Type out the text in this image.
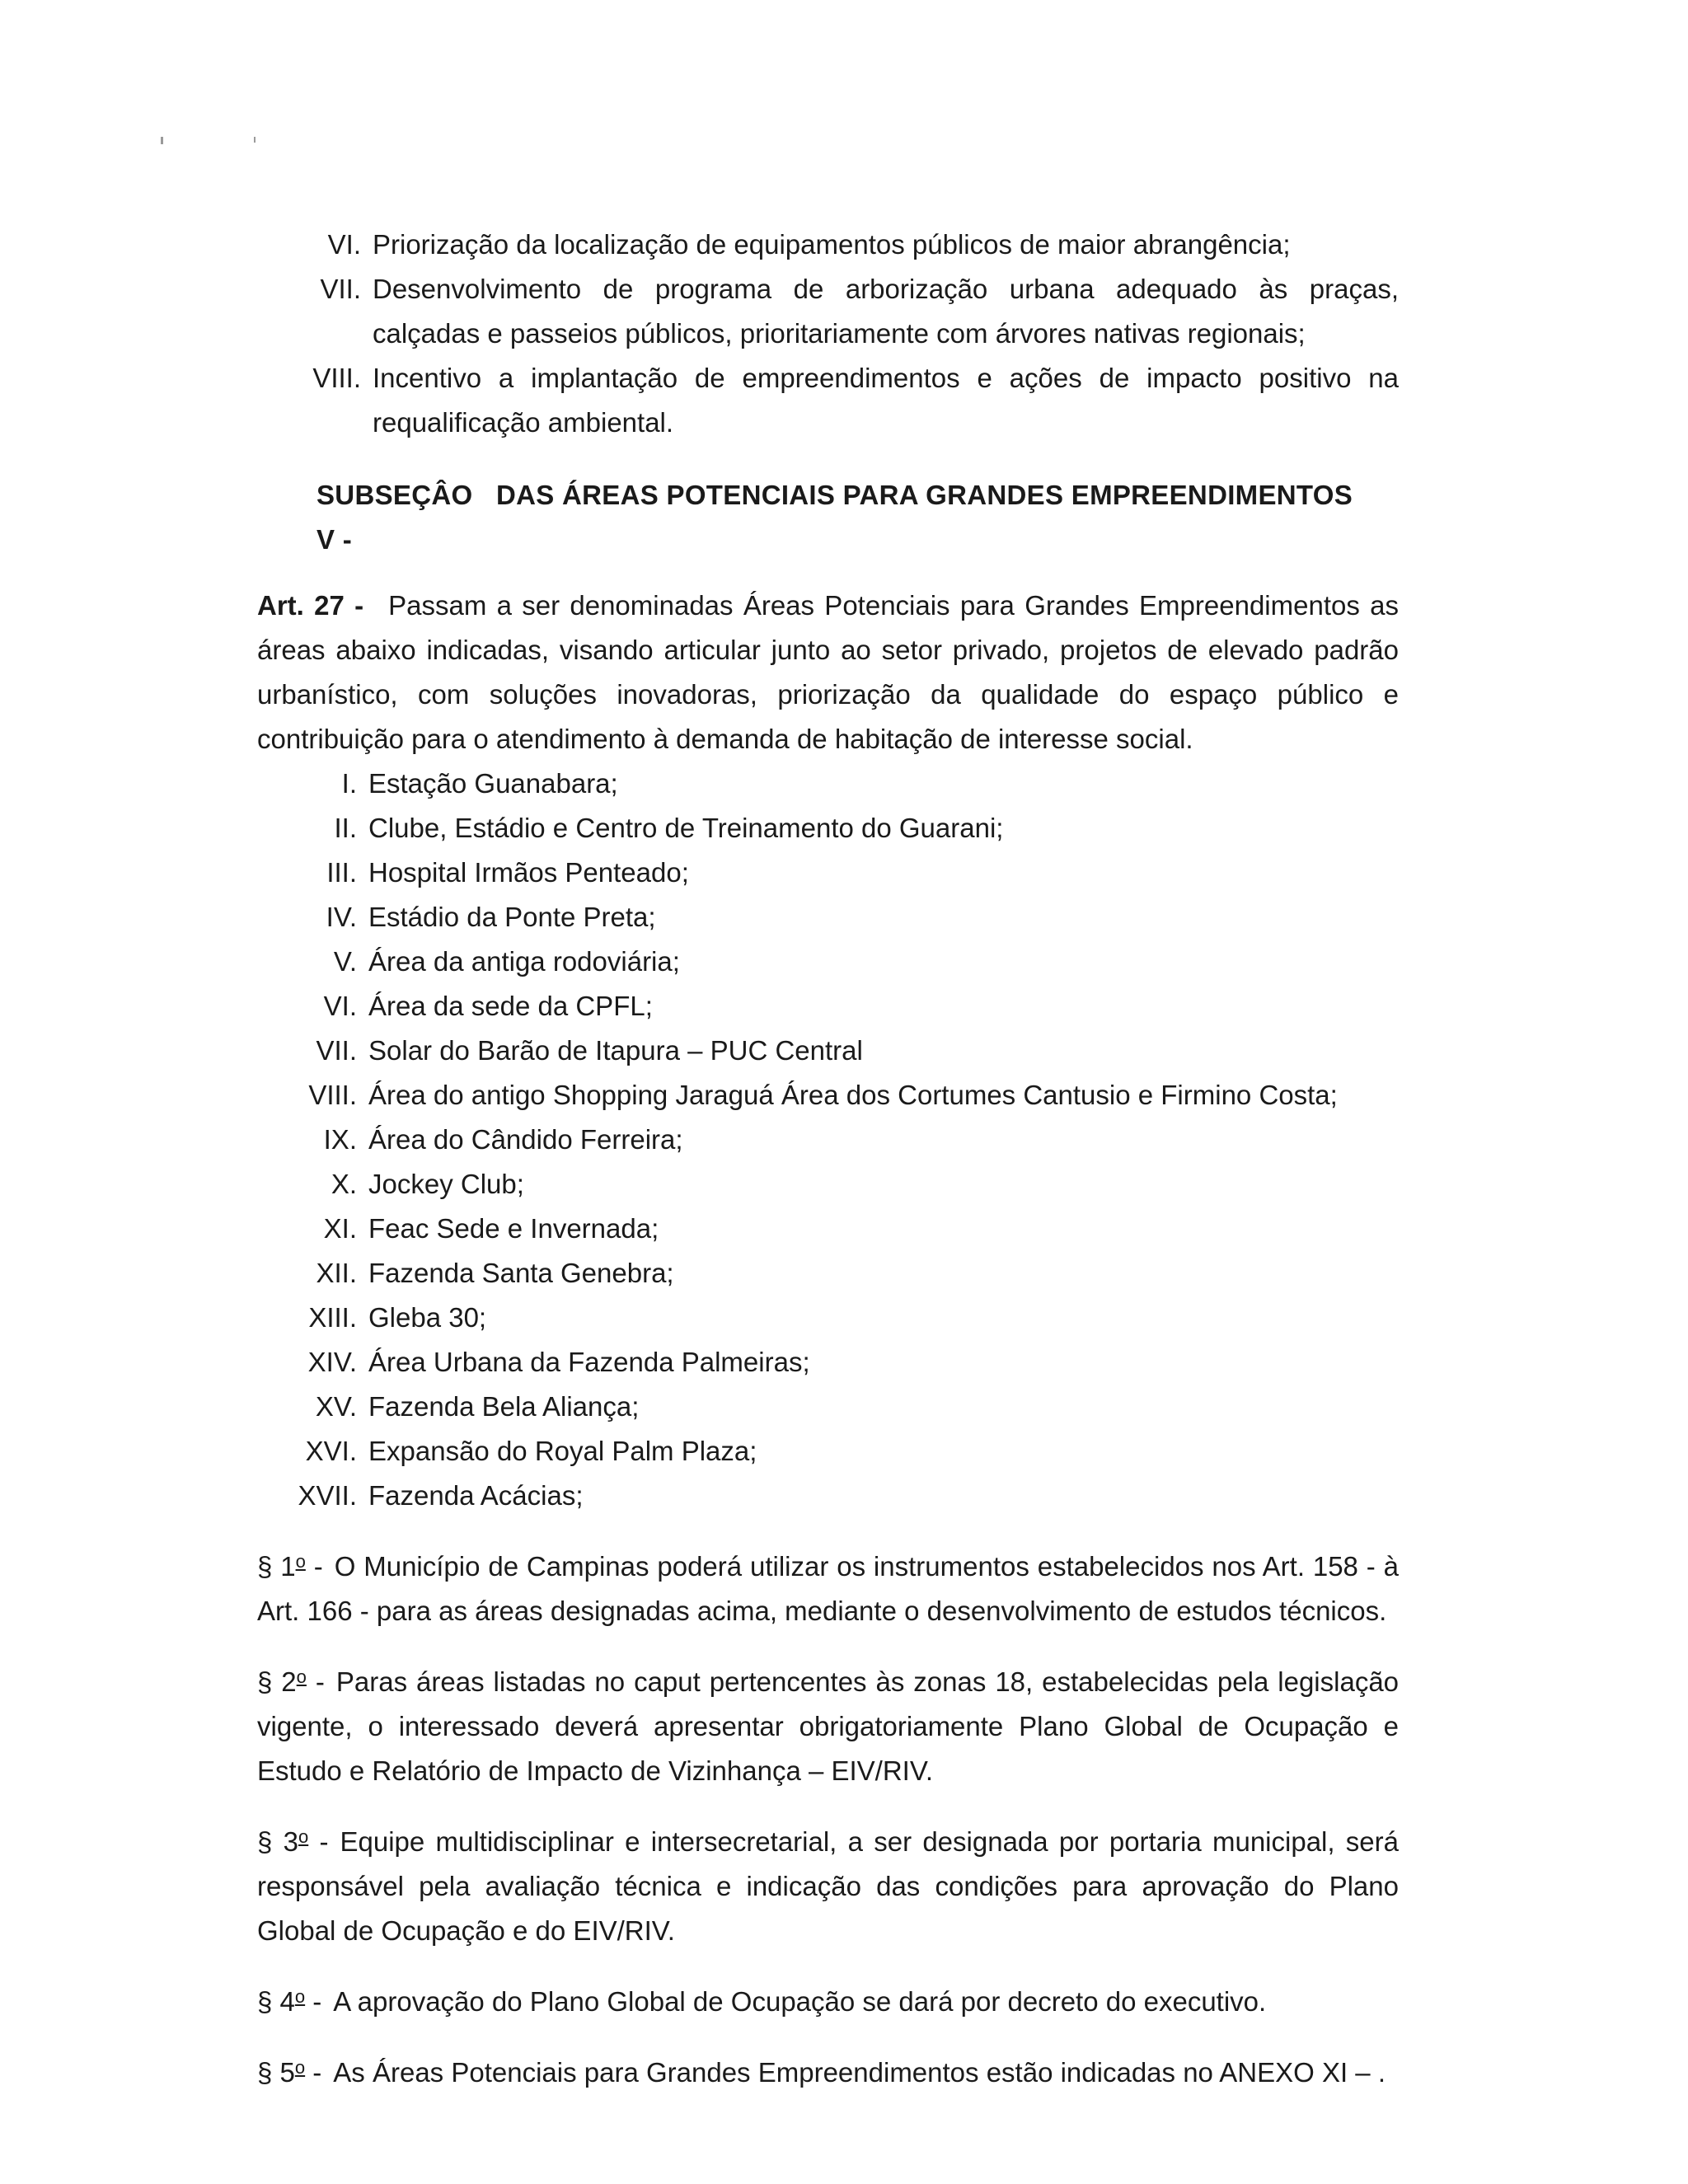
VI. Priorização da localização de equipamentos públicos de maior abrangência;
VII. Desenvolvimento de programa de arborização urbana adequado às praças, calçadas e passeios públicos, prioritariamente com árvores nativas regionais;
VIII. Incentivo a implantação de empreendimentos e ações de impacto positivo na requalificação ambiental.
SUBSEÇÂO V -
DAS ÁREAS POTENCIAIS PARA GRANDES EMPREENDIMENTOS
Art. 27 - Passam a ser denominadas Áreas Potenciais para Grandes Empreendimentos as áreas abaixo indicadas, visando articular junto ao setor privado, projetos de elevado padrão urbanístico, com soluções inovadoras, priorização da qualidade do espaço público e contribuição para o atendimento à demanda de habitação de interesse social.
I. Estação Guanabara;
II. Clube, Estádio e Centro de Treinamento do Guarani;
III. Hospital Irmãos Penteado;
IV. Estádio da Ponte Preta;
V. Área da antiga rodoviária;
VI. Área da sede da CPFL;
VII. Solar do Barão de Itapura – PUC Central
VIII. Área do antigo Shopping Jaraguá Área dos Cortumes Cantusio e Firmino Costa;
IX. Área do Cândido Ferreira;
X. Jockey Club;
XI. Feac Sede e Invernada;
XII. Fazenda Santa Genebra;
XIII. Gleba 30;
XIV. Área Urbana da Fazenda Palmeiras;
XV. Fazenda Bela Aliança;
XVI. Expansão do Royal Palm Plaza;
XVII. Fazenda Acácias;
§ 1$^o$ - O Município de Campinas poderá utilizar os instrumentos estabelecidos nos Art. 158 - à Art. 166 - para as áreas designadas acima, mediante o desenvolvimento de estudos técnicos.
§ 2$^o$ - Paras áreas listadas no caput pertencentes às zonas 18, estabelecidas pela legislação vigente, o interessado deverá apresentar obrigatoriamente Plano Global de Ocupação e Estudo e Relatório de Impacto de Vizinhança – EIV/RIV.
§ 3$^o$ - Equipe multidisciplinar e intersecretarial, a ser designada por portaria municipal, será responsável pela avaliação técnica e indicação das condições para aprovação do Plano Global de Ocupação e do EIV/RIV.
§ 4$^o$ - A aprovação do Plano Global de Ocupação se dará por decreto do executivo.
§ 5$^o$ - As Áreas Potenciais para Grandes Empreendimentos estão indicadas no ANEXO XI – .
